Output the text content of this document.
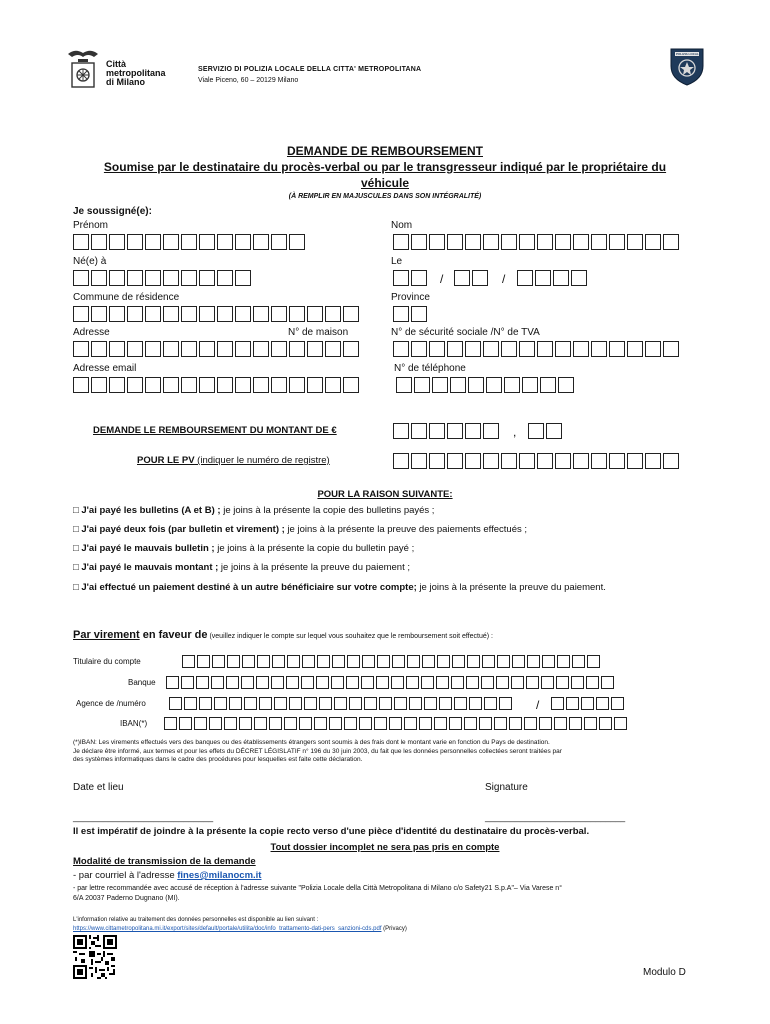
Città
metropolitana
di Milano
SERVIZIO DI POLIZIA LOCALE DELLA CITTA' METROPOLITANA
Viale Piceno, 60 – 20129 Milano
POLIZIA LOCALE
DEMANDE DE REMBOURSEMENT
Soumise par le destinataire du procès-verbal ou par le transgresseur indiqué par le propriétaire du
véhicule
(À REMPLIR EN MAJUSCULES DANS SON INTÉGRALITÉ)
Je soussigné(e):
Prénom	Nom
Né(e) à	Le
/	/
Commune de résidence	Province
Adresse	N° de maison	N° de sécurité sociale /N° de TVA
Adresse email	N° de téléphone
DEMANDE LE REMBOURSEMENT DU MONTANT DE €	,
POUR LE PV (indiquer le numéro de registre)
POUR LA RAISON SUIVANTE:
□ J'ai payé les bulletins (A et B) ; je joins à la présente la copie des bulletins payés ;
□ J'ai payé deux fois (par bulletin et virement) ; je joins à la présente la preuve des paiements effectués ;
□ J'ai payé le mauvais bulletin ; je joins à la présente la copie du bulletin payé ;
□ J'ai payé le mauvais montant ; je joins à la présente la preuve du paiement ;
□ J'ai effectué un paiement destiné à un autre bénéficiaire sur votre compte; je joins à la présente la preuve du paiement.
Par virement en faveur de (veuillez indiquer le compte sur lequel vous souhaitez que le remboursement soit effectué) :
Titulaire du compte
Banque
Agence de /numéro	/
IBAN(*)
(*)IBAN: Les virements effectués vers des banques ou des établissements étrangers sont soumis à des frais dont le montant varie en fonction du Pays de destination.
Je déclare être informé, aux termes et pour les effets du DÉCRET LÉGISLATIF n° 196 du 30 juin 2003, du fait que les données personnelles collectées seront traitées par
des systèmes informatiques dans le cadre des procédures pour lesquelles est faite cette déclaration.
Date et lieu	Signature
____________________________	____________________________
Il est impératif de joindre à la présente la copie recto verso d'une pièce d'identité du destinataire du procès-verbal.
Tout dossier incomplet ne sera pas pris en compte
Modalité de transmission de la demande
- par courriel à l'adresse fines@milanocm.it
- par lettre recommandée avec accusé de réception à l'adresse suivante "Polizia Locale della Città Metropolitana di Milano c/o Safety21 S.p.A"– Via Varese n°
6/A 20037 Paderno Dugnano (MI).
L'information relative au traitement des données personnelles est disponible au lien suivant :
https://www.cittametropolitana.mi.it/export/sites/default/portale/utilita/doc/info_trattamento-dati-pers_sanzioni-cds.pdf (Privacy)
Modulo D
